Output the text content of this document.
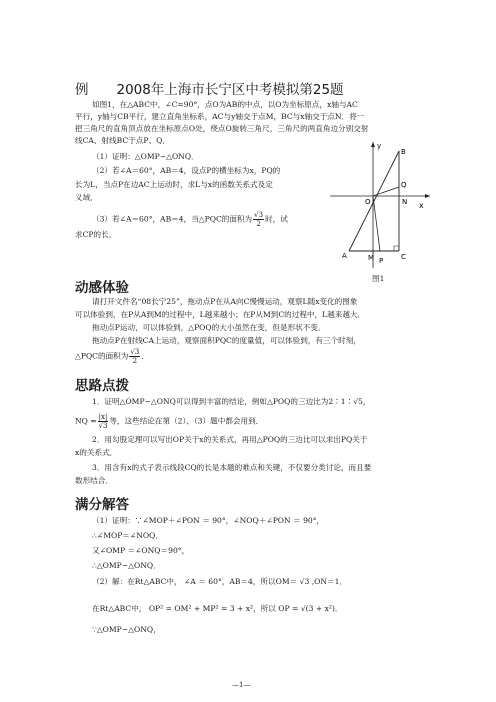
例 2008年上海市长宁区中考模拟第25题
如图1，在△ABC中，∠C=90°，点O为AB的中点，以O为坐标原点，x轴与AC
平行，y轴与CB平行，建立直角坐标系，AC与y轴交于点M，BC与x轴交于点N．将一
把三角尺的直角顶点放在坐标原点O处，绕点O旋转三角尺，三角尺的两直角边分别交射
线CA、射线BC于点P、Q．
（1）证明：△OMP∽△ONQ．
（2）若∠A＝60°，AB＝4，设点P的横坐标为x，PQ的
长为L，当点P在边AC上运动时，求L与x的函数关系式及定
义域．
（3）若∠A＝60°，AB＝4，当△PQC的面积为 $\frac{√3}{2}$ 时，试
求CP的长．
y
B
Q
O	N x
A	M P	C
图1
动感体验
请打开文件名“08长宁25”，拖动点P在从A向C慢慢运动，观察L随x变化的图象
可以体验到，在P从A到M的过程中，L越来越小；在P从M到C的过程中，L越来越大．
拖动点P运动，可以体验到，△POQ的大小虽然在变，但是形状不变．
拖动点P在射线CA上运动，观察面积PQC的度量值，可以体验到，有三个时刻，
△PQC的面积为 $\frac{√3}{2}$ ．
思路点拨
1．证明△OMP∽△ONQ可以得到丰富的结论，例如△POQ的三边比为2∶1∶√5，
NQ = $\frac{|x|}{√3}$ 等，这些结论在第（2）、（3）题中都会用到．
2．用勾股定理可以写出OP关于x的关系式，再用△POQ的三边比可以求出PQ关于
x的关系式．
3．用含有x的式子表示线段CQ的长是本题的难点和关键，不仅要分类讨论，而且要
数形结合．
满分解答
（1）证明：∵∠MOP＋∠PON ＝ 90°，∠NOQ＋∠PON ＝ 90°，
∴∠MOP＝∠NOQ．
又∠OMP ＝∠ONQ＝90°，
∴△OMP∽△ONQ．
（2）解：在Rt△ABC中， ∠A ＝ 60°，AB＝4，所以OM＝ √3 ,ON＝1．
在Rt△ABC中， OP² = OM² + MP² = 3 + x²，所以 OP = √(3 + x²)．
∵△OMP∽△ONQ，
—1—
